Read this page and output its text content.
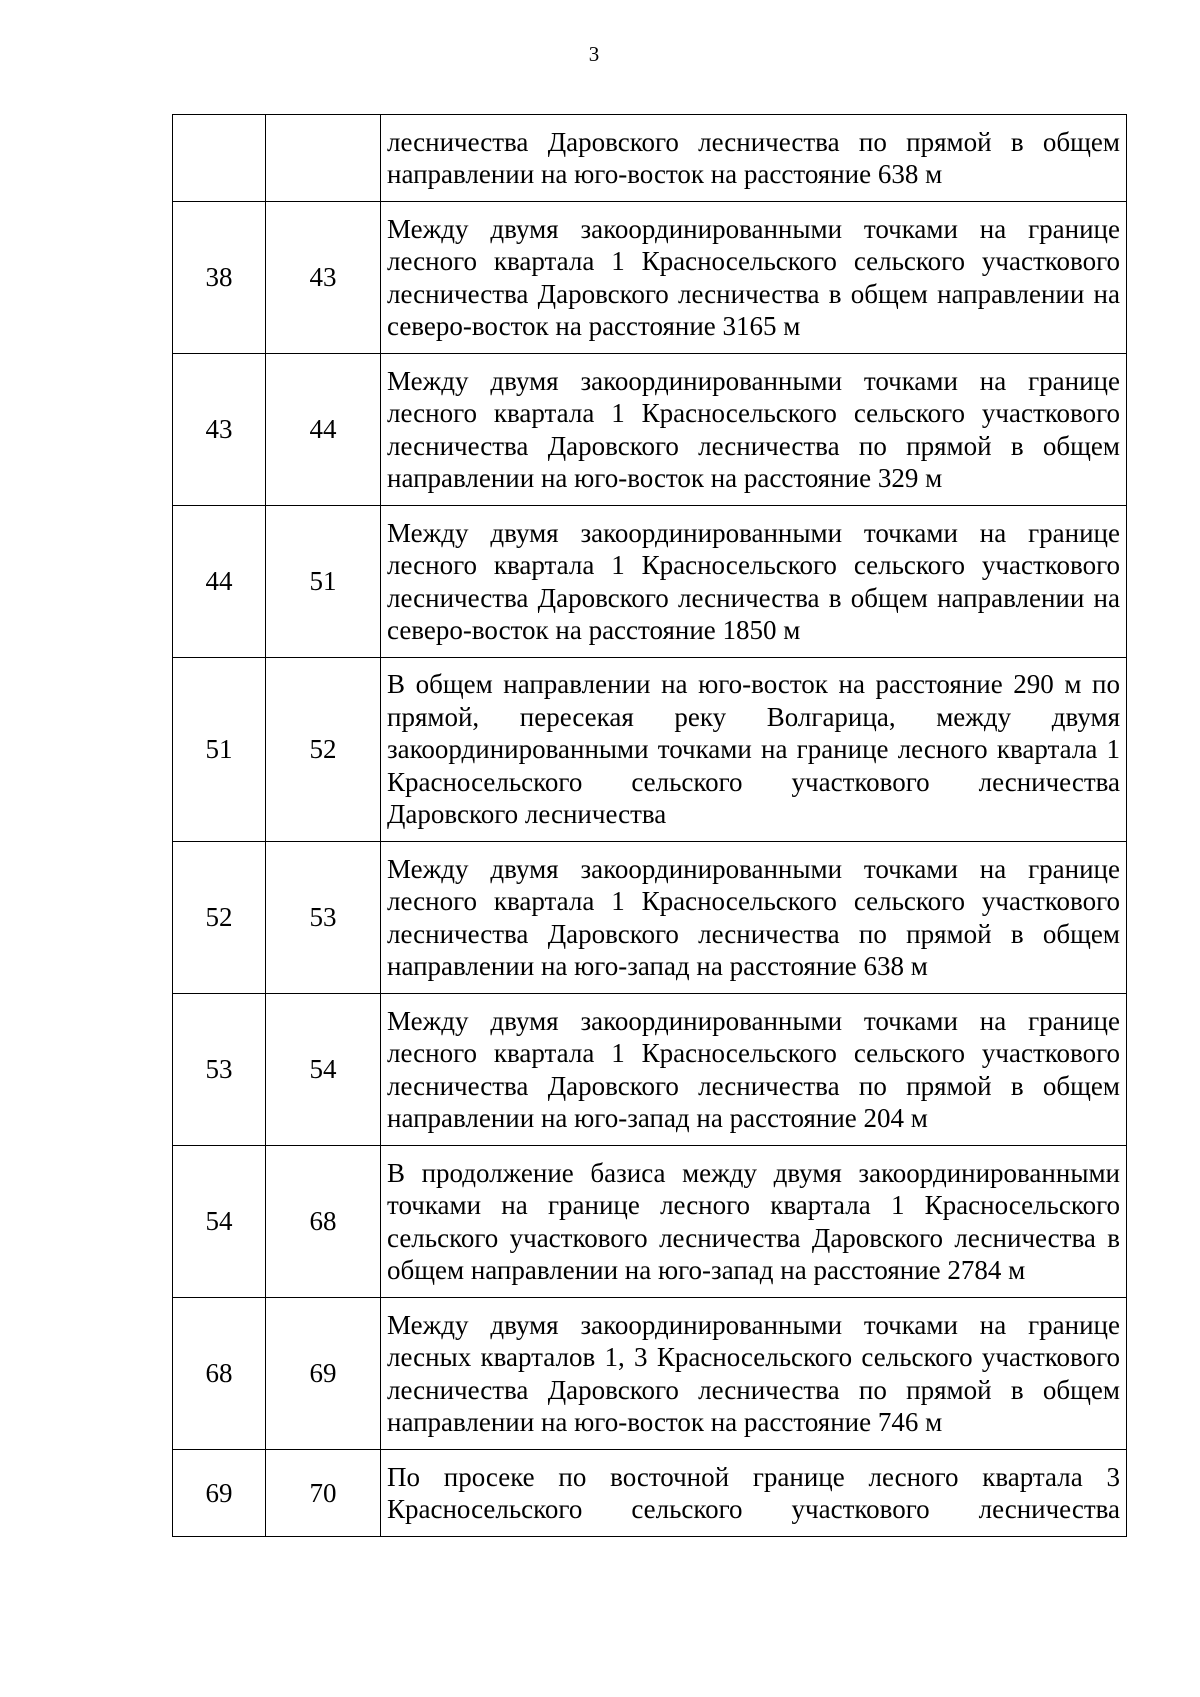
3
		лесничества Даровского лесничества по прямой в общем направлении на юго-восток на расстояние 638 м
38	43	Между двумя закоординированными точками на границе лесного квартала 1 Красносельского сельского участкового лесничества Даровского лесничества в общем направлении на северо-восток на расстояние 3165 м
43	44	Между двумя закоординированными точками на границе лесного квартала 1 Красносельского сельского участкового лесничества Даровского лесничества по прямой в общем направлении на юго-восток на расстояние 329 м
44	51	Между двумя закоординированными точками на границе лесного квартала 1 Красносельского сельского участкового лесничества Даровского лесничества в общем направлении на северо-восток на расстояние 1850 м
51	52	В общем направлении на юго-восток на расстояние 290 м по прямой, пересекая реку Волгарица, между двумя закоординированными точками на границе лесного квартала 1 Красносельского сельского участкового лесничества Даровского лесничества
52	53	Между двумя закоординированными точками на границе лесного квартала 1 Красносельского сельского участкового лесничества Даровского лесничества по прямой в общем направлении на юго-запад на расстояние 638 м
53	54	Между двумя закоординированными точками на границе лесного квартала 1 Красносельского сельского участкового лесничества Даровского лесничества по прямой в общем направлении на юго-запад на расстояние 204 м
54	68	В продолжение базиса между двумя закоординированными точками на границе лесного квартала 1 Красносельского сельского участкового лесничества Даровского лесничества в общем направлении на юго-запад на расстояние 2784 м
68	69	Между двумя закоординированными точками на границе лесных кварталов 1, 3 Красносельского сельского участкового лесничества Даровского лесничества по прямой в общем направлении на юго-восток на расстояние 746 м
69	70	По просеке по восточной границе лесного квартала 3 Красносельского сельского участкового лесничества
